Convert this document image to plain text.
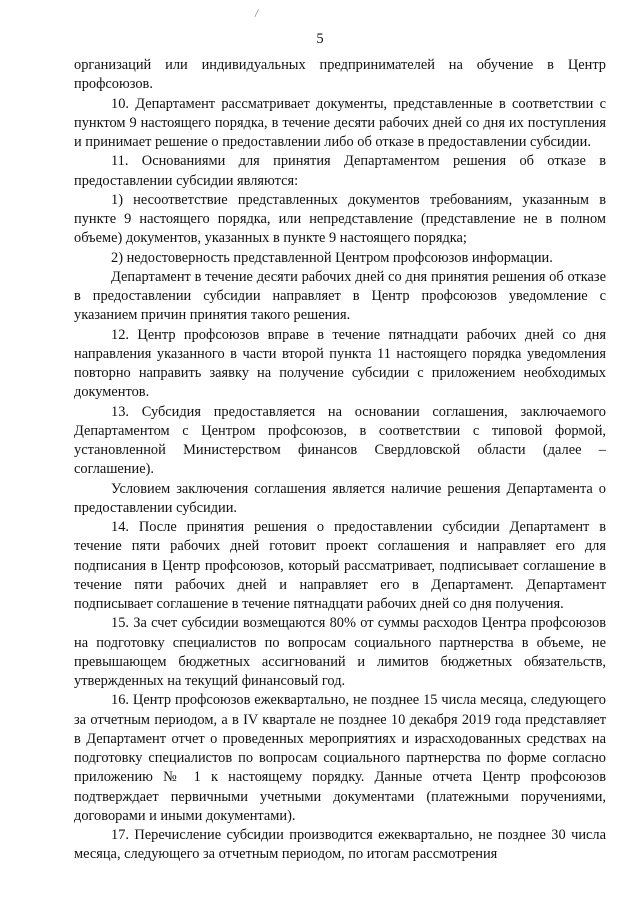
/
5

организаций или индивидуальных предпринимателей на обучение в Центр профсоюзов.

10. Департамент рассматривает документы, представленные в соответствии с пунктом 9 настоящего порядка, в течение десяти рабочих дней со дня их поступления и принимает решение о предоставлении либо об отказе в предоставлении субсидии.

11. Основаниями для принятия Департаментом решения об отказе в предоставлении субсидии являются:

1) несоответствие представленных документов требованиям, указанным в пункте 9 настоящего порядка, или непредставление (представление не в полном объеме) документов, указанных в пункте 9 настоящего порядка;

2) недостоверность представленной Центром профсоюзов информации.

Департамент в течение десяти рабочих дней со дня принятия решения об отказе в предоставлении субсидии направляет в Центр профсоюзов уведомление с указанием причин принятия такого решения.

12. Центр профсоюзов вправе в течение пятнадцати рабочих дней со дня направления указанного в части второй пункта 11 настоящего порядка уведомления повторно направить заявку на получение субсидии с приложением необходимых документов.

13. Субсидия предоставляется на основании соглашения, заключаемого Департаментом с Центром профсоюзов, в соответствии с типовой формой, установленной Министерством финансов Свердловской области (далее – соглашение).

Условием заключения соглашения является наличие решения Департамента о предоставлении субсидии.

14. После принятия решения о предоставлении субсидии Департамент в течение пяти рабочих дней готовит проект соглашения и направляет его для подписания в Центр профсоюзов, который рассматривает, подписывает соглашение в течение пяти рабочих дней и направляет его в Департамент. Департамент подписывает соглашение в течение пятнадцати рабочих дней со дня получения.

15. За счет субсидии возмещаются 80% от суммы расходов Центра профсоюзов на подготовку специалистов по вопросам социального партнерства в объеме, не превышающем бюджетных ассигнований и лимитов бюджетных обязательств, утвержденных на текущий финансовый год.

16. Центр профсоюзов ежеквартально, не позднее 15 числа месяца, следующего за отчетным периодом, а в IV квартале не позднее 10 декабря 2019 года представляет в Департамент отчет о проведенных мероприятиях и израсходованных средствах на подготовку специалистов по вопросам социального партнерства по форме согласно приложению № 1 к настоящему порядку. Данные отчета Центр профсоюзов подтверждает первичными учетными документами (платежными поручениями, договорами и иными документами).

17. Перечисление субсидии производится ежеквартально, не позднее 30 числа месяца, следующего за отчетным периодом, по итогам рассмотрения
